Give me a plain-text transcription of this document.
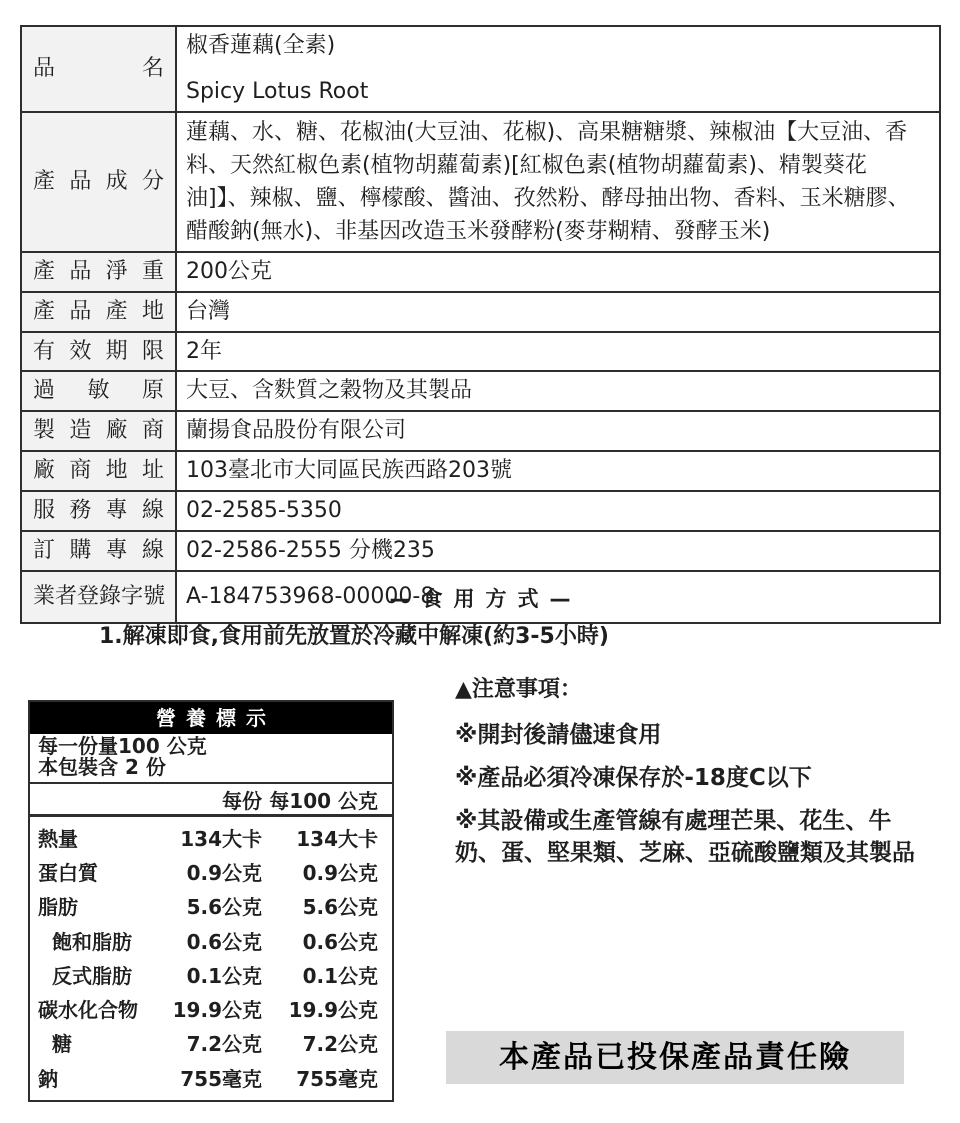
品 名	椒香蓮藕(全素)
Spicy Lotus Root

產 品 成 分	蓮藕、水、糖、花椒油(大豆油、花椒)、高果糖糖漿、辣椒油【大豆油、香料、天然紅椒色素(植物胡蘿蔔素)[紅椒色素(植物胡蘿蔔素)、精製葵花油]】、辣椒、鹽、檸檬酸、醬油、孜然粉、酵母抽出物、香料、玉米糖膠、醋酸鈉(無水)、非基因改造玉米發酵粉(麥芽糊精、發酵玉米)

產 品 淨 重	200公克

產 品 產 地	台灣

有 效 期 限	2年

過 敏 原	大豆、含麩質之穀物及其製品

製 造 廠 商	蘭揚食品股份有限公司

廠 商 地 址	103臺北市大同區民族西路203號

服 務 專 線	02-2585-5350

訂 購 專 線	02-2586-2555 分機235

業 者 登 錄 字 號	A-184753968-00000-8
—食用方式—
1.解凍即食,食用前先放置於冷藏中解凍(約3-5小時)
營養標示
每一份量100 公克
本包裝含 2 份
每份 每100 公克
熱量	134大卡	134大卡
蛋白質	0.9公克	0.9公克
脂肪	5.6公克	5.6公克
飽和脂肪	0.6公克	0.6公克
反式脂肪	0.1公克	0.1公克
碳水化合物	19.9公克	19.9公克
糖	7.2公克	7.2公克
鈉	755毫克	755毫克
▲注意事項：
※開封後請儘速食用
※產品必須冷凍保存於-18度C以下
※其設備或生產管線有處理芒果、花生、牛奶、蛋、堅果類、芝麻、亞硫酸鹽類及其製品
本產品已投保產品責任險
